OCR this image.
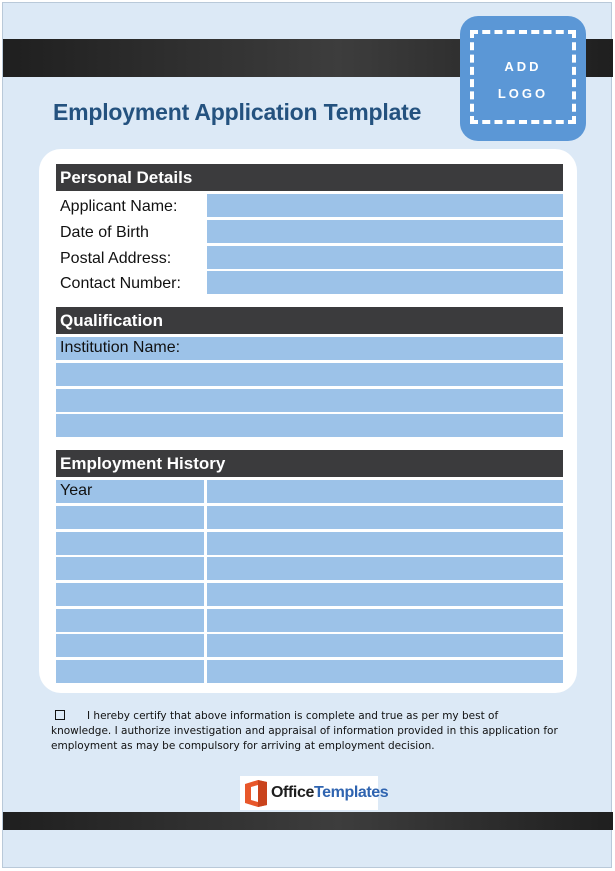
Employment Application Template
ADD
LOGO
Personal Details
Applicant Name:
Date of Birth
Postal Address:
Contact Number:
Qualification
Institution Name:
Employment History
Year
I hereby certify that above information is complete and true as per my best of knowledge. I authorize investigation and appraisal of information provided in this application for employment as may be compulsory for arriving at employment decision.
OfficeTemplates
